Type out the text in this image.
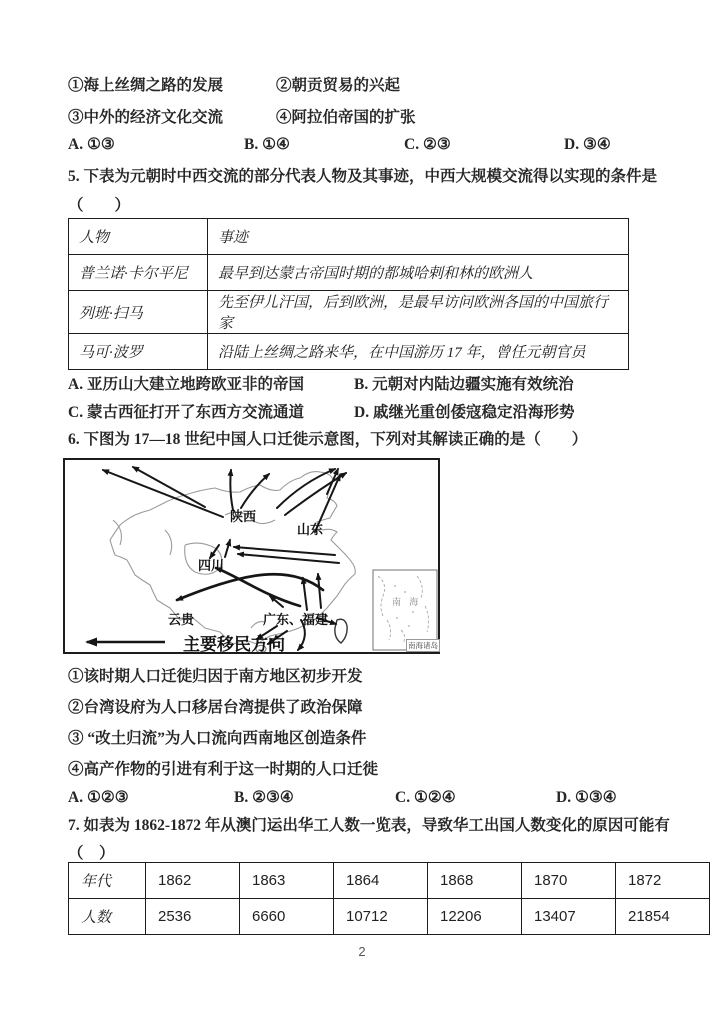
①海上丝绸之路的发展	②朝贡贸易的兴起
③中外的经济文化交流	④阿拉伯帝国的扩张
A. ①③	B. ①④	C. ②③	D. ③④
5. 下表为元朝时中西交流的部分代表人物及其事迹，中西大规模交流得以实现的条件是
（　　）
人物	事迹
普兰诺·卡尔平尼	最早到达蒙古帝国时期的都城哈剌和林的欧洲人
列班·扫马	先至伊儿汗国，后到欧洲，是最早访问欧洲各国的中国旅行家
马可·波罗	沿陆上丝绸之路来华，在中国游历 17 年，曾任元朝官员
A. 亚历山大建立地跨欧亚非的帝国	B. 元朝对内陆边疆实施有效统治
C. 蒙古西征打开了东西方交流通道	D. 戚继光重创倭寇稳定沿海形势
6. 下图为 17—18 世纪中国人口迁徙示意图，下列对其解读正确的是（　　）
陕西
山东
四川
云贵	广东、福建
主要移民方向
南 海
南海诸岛
①该时期人口迁徙归因于南方地区初步开发
②台湾设府为人口移居台湾提供了政治保障
③ “改土归流”为人口流向西南地区创造条件
④高产作物的引进有利于这一时期的人口迁徙
A. ①②③	B. ②③④	C. ①②④	D. ①③④
7. 如表为 1862-1872 年从澳门运出华工人数一览表，导致华工出国人数变化的原因可能有
（　）
年代	1862	1863	1864	1868	1870	1872
人数	2536	6660	10712	12206	13407	21854
2
